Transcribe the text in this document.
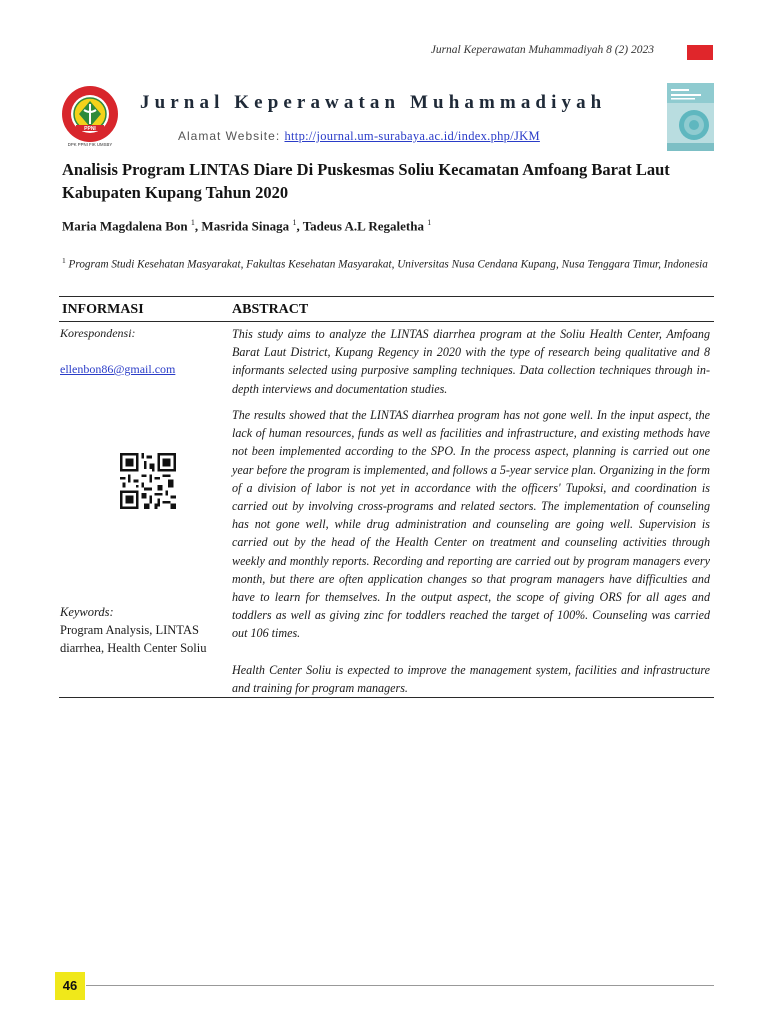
Jurnal Keperawatan Muhammadiyah 8 (2) 2023
PPNI
DPK PPNI FIK UMSBY
Jurnal Keperawatan Muhammadiyah
Alamat Website: http://journal.um-surabaya.ac.id/index.php/JKM
Analisis Program LINTAS Diare Di Puskesmas Soliu Kecamatan Amfoang Barat Laut Kabupaten Kupang Tahun 2020
Maria Magdalena Bon $^1$, Masrida Sinaga $^1$, Tadeus A.L Regaletha $^1$
$^1$ Program Studi Kesehatan Masyarakat, Fakultas Kesehatan Masyarakat, Universitas Nusa Cendana Kupang, Nusa Tenggara Timur, Indonesia
INFORMASI	ABSTRACT
Korespondensi:
ellenbon86@gmail.com
Keywords:
Program Analysis, LINTAS diarrhea, Health Center Soliu
This study aims to analyze the LINTAS diarrhea program at the Soliu Health Center, Amfoang Barat Laut District, Kupang Regency in 2020 with the type of research being qualitative and 8 informants selected using purposive sampling techniques. Data collection techniques through in-depth interviews and documentation studies.
The results showed that the LINTAS diarrhea program has not gone well. In the input aspect, the lack of human resources, funds as well as facilities and infrastructure, and existing methods have not been implemented according to the SPO. In the process aspect, planning is carried out one year before the program is implemented, and follows a 5-year service plan. Organizing in the form of a division of labor is not yet in accordance with the officers' Tupoksi, and coordination is carried out by involving cross-programs and related sectors. The implementation of counseling has not gone well, while drug administration and counseling are going well. Supervision is carried out by the head of the Health Center on treatment and counseling activities through weekly and monthly reports. Recording and reporting are carried out by program managers every month, but there are often application changes so that program managers have difficulties and have to learn for themselves. In the output aspect, the scope of giving ORS for all ages and toddlers as well as giving zinc for toddlers reached the target of 100%. Counseling was carried out 106 times.
Health Center Soliu is expected to improve the management system, facilities and infrastructure and training for program managers.
46
